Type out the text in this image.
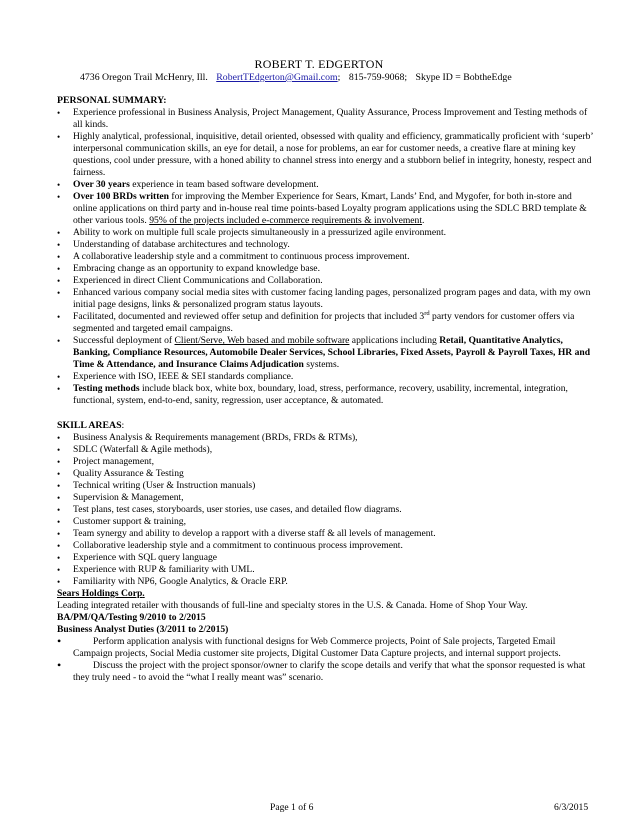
ROBERT T. EDGERTON
4736 Oregon Trail McHenry, Ill. RobertTEdgerton@Gmail.com; 815-759-9068; Skype ID = BobtheEdge

PERSONAL SUMMARY:

• Experience professional in Business Analysis, Project Management, Quality Assurance, Process Improvement and Testing methods of all kinds.
• Highly analytical, professional, inquisitive, detail oriented, obsessed with quality and efficiency, grammatically proficient with ‘superb’ interpersonal communication skills, an eye for detail, a nose for problems, an ear for customer needs, a creative flare at mining key questions, cool under pressure, with a honed ability to channel stress into energy and a stubborn belief in integrity, honesty, respect and fairness.
• Over 30 years experience in team based software development.
• Over 100 BRDs written for improving the Member Experience for Sears, Kmart, Lands’ End, and Mygofer, for both in-store and online applications on third party and in-house real time points-based Loyalty program applications using the SDLC BRD template & other various tools. 95% of the projects included e-commerce requirements & involvement.
• Ability to work on multiple full scale projects simultaneously in a pressurized agile environment.
• Understanding of database architectures and technology.
• A collaborative leadership style and a commitment to continuous process improvement.
• Embracing change as an opportunity to expand knowledge base.
• Experienced in direct Client Communications and Collaboration.
• Enhanced various company social media sites with customer facing landing pages, personalized program pages and data, with my own initial page designs, links & personalized program status layouts.
• Facilitated, documented and reviewed offer setup and definition for projects that included 3rd party vendors for customer offers via segmented and targeted email campaigns.
• Successful deployment of Client/Serve, Web based and mobile software applications including Retail, Quantitative Analytics, Banking, Compliance Resources, Automobile Dealer Services, School Libraries, Fixed Assets, Payroll & Payroll Taxes, HR and Time & Attendance, and Insurance Claims Adjudication systems.
• Experience with ISO, IEEE & SEI standards compliance.
• Testing methods include black box, white box, boundary, load, stress, performance, recovery, usability, incremental, integration, functional, system, end-to-end, sanity, regression, user acceptance, & automated.

SKILL AREAS:

• Business Analysis & Requirements management (BRDs, FRDs & RTMs),
• SDLC (Waterfall & Agile methods),
• Project management,
• Quality Assurance & Testing
• Technical writing (User & Instruction manuals)
• Supervision & Management,
• Test plans, test cases, storyboards, user stories, use cases, and detailed flow diagrams.
• Customer support & training,
• Team synergy and ability to develop a rapport with a diverse staff & all levels of management.
• Collaborative leadership style and a commitment to continuous process improvement.
• Experience with SQL query language
• Experience with RUP & familiarity with UML.
• Familiarity with NP6, Google Analytics, & Oracle ERP.

Sears Holdings Corp.

Leading integrated retailer with thousands of full-line and specialty stores in the U.S. & Canada. Home of Shop Your Way.

BA/PM/QA/Testing 9/2010 to 2/2015

Business Analyst Duties (3/2011 to 2/2015)

•	Perform application analysis with functional designs for Web Commerce projects, Point of Sale projects, Targeted Email Campaign projects, Social Media customer site projects, Digital Customer Data Capture projects, and internal support projects.
•	Discuss the project with the project sponsor/owner to clarify the scope details and verify that what the sponsor requested is what they truly need - to avoid the “what I really meant was” scenario.
Page 1 of 6	6/3/2015
